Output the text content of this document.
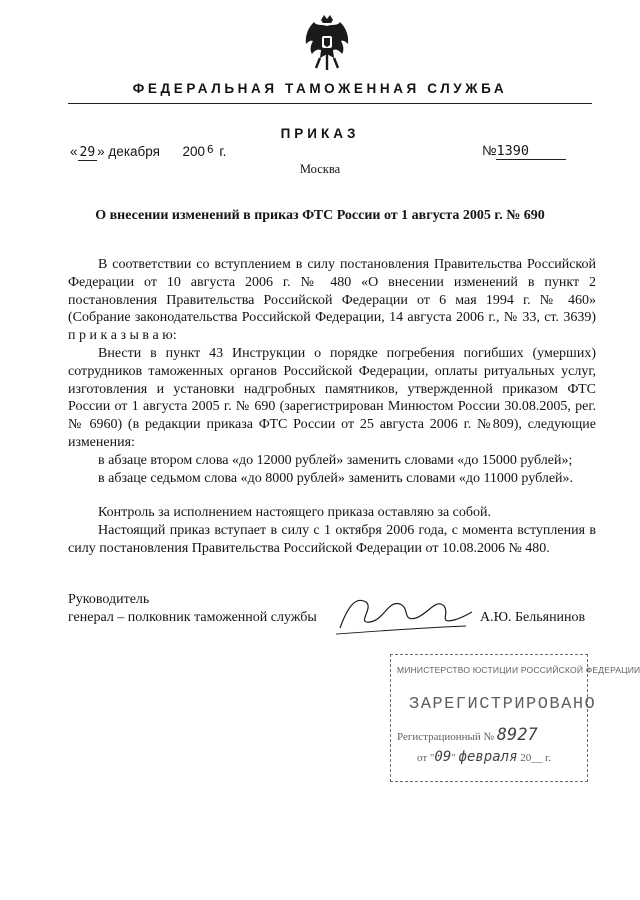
ФЕДЕРАЛЬНАЯ ТАМОЖЕННАЯ СЛУЖБА
ПРИКАЗ
« 29 » декабря 200 $^6$ г.	№1390
Москва
О внесении изменений в приказ ФТС России от 1 августа 2005 г. № 690

В соответствии со вступлением в силу постановления Правительства Российской Федерации от 10 августа 2006 г. № 480 «О внесении изменений в пункт 2 постановления Правительства Российской Федерации от 6 мая 1994 г. № 460» (Собрание законодательства Российской Федерации, 14 августа 2006 г., № 33, ст. 3639) п р и к а з ы в а ю:

Внести в пункт 43 Инструкции о порядке погребения погибших (умерших) сотрудников таможенных органов Российской Федерации, оплаты ритуальных услуг, изготовления и установки надгробных памятников, утвержденной приказом ФТС России от 1 августа 2005 г. № 690 (зарегистрирован Минюстом России 30.08.2005, рег. № 6960) (в редакции приказа ФТС России от 25 августа 2006 г. №809), следующие изменения:

в абзаце втором слова «до 12000 рублей» заменить словами «до 15000 рублей»;

в абзаце седьмом слова «до 8000 рублей» заменить словами «до 11000 рублей».

Контроль за исполнением настоящего приказа оставляю за собой.

Настоящий приказ вступает в силу с 1 октября 2006 года, с момента вступления в силу постановления Правительства Российской Федерации от 10.08.2006 № 480.

Руководитель
генерал – полковник таможенной службы	А.Ю. Бельянинов
МИНИСТЕРСТВО ЮСТИЦИИ РОССИЙСКОЙ ФЕДЕРАЦИИ
ЗАРЕГИСТРИРОВАНО
Регистрационный № 8927
от "09" февраля 20__ г.
